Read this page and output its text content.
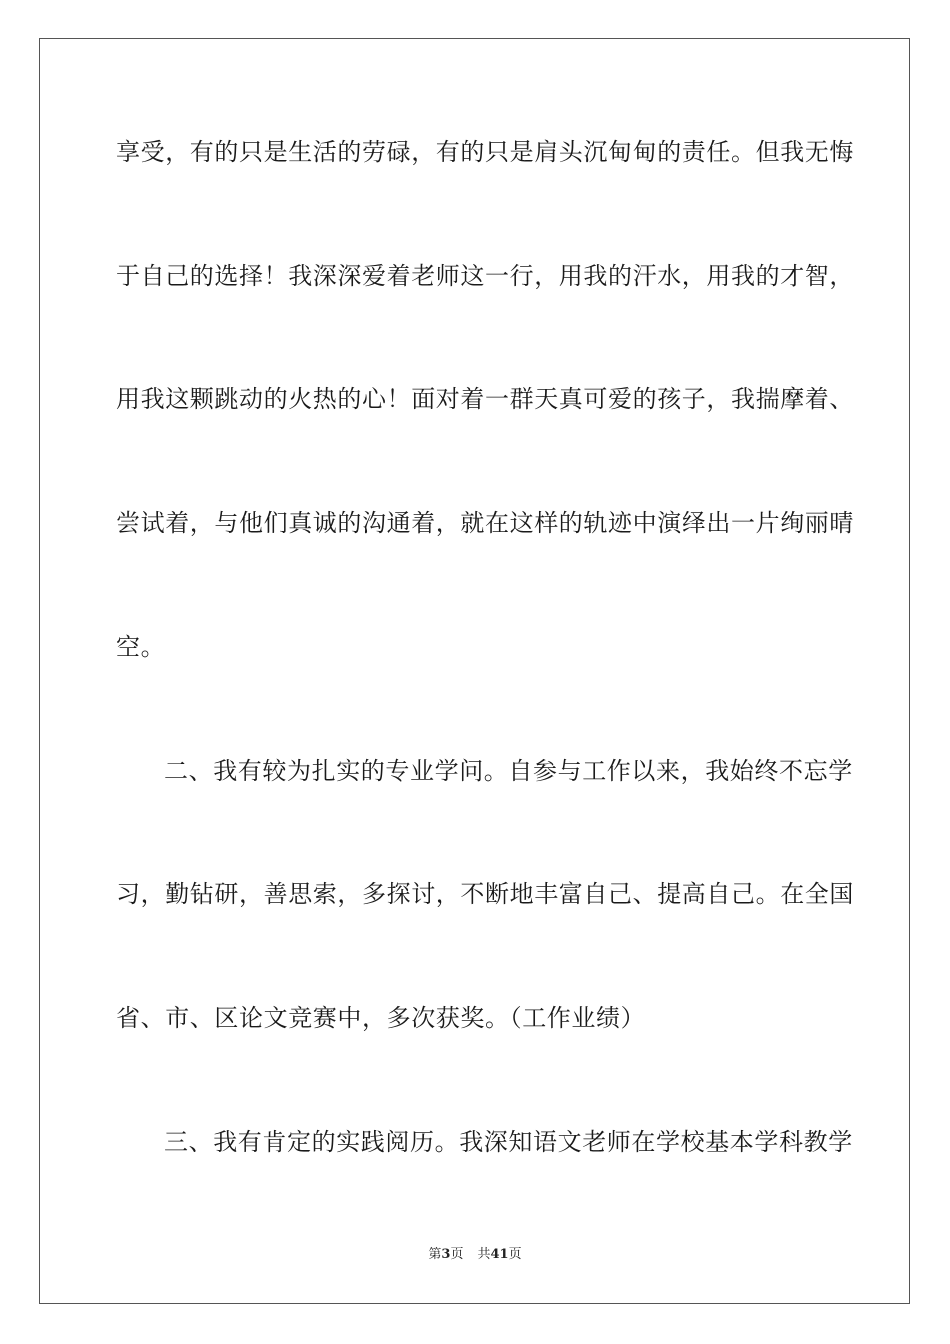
享受，有的只是生活的劳碌，有的只是肩头沉甸甸的责任。但我无悔
于自己的选择！我深深爱着老师这一行，用我的汗水，用我的才智，
用我这颗跳动的火热的心！面对着一群天真可爱的孩子，我揣摩着、
尝试着，与他们真诚的沟通着，就在这样的轨迹中演绎出一片绚丽晴
空。
二、我有较为扎实的专业学问。自参与工作以来，我始终不忘学
习，勤钻研，善思索，多探讨，不断地丰富自己、提高自己。在全国
省、市、区论文竞赛中，多次获奖。（工作业绩）
三、我有肯定的实践阅历。我深知语文老师在学校基本学科教学
第3页 共41页
